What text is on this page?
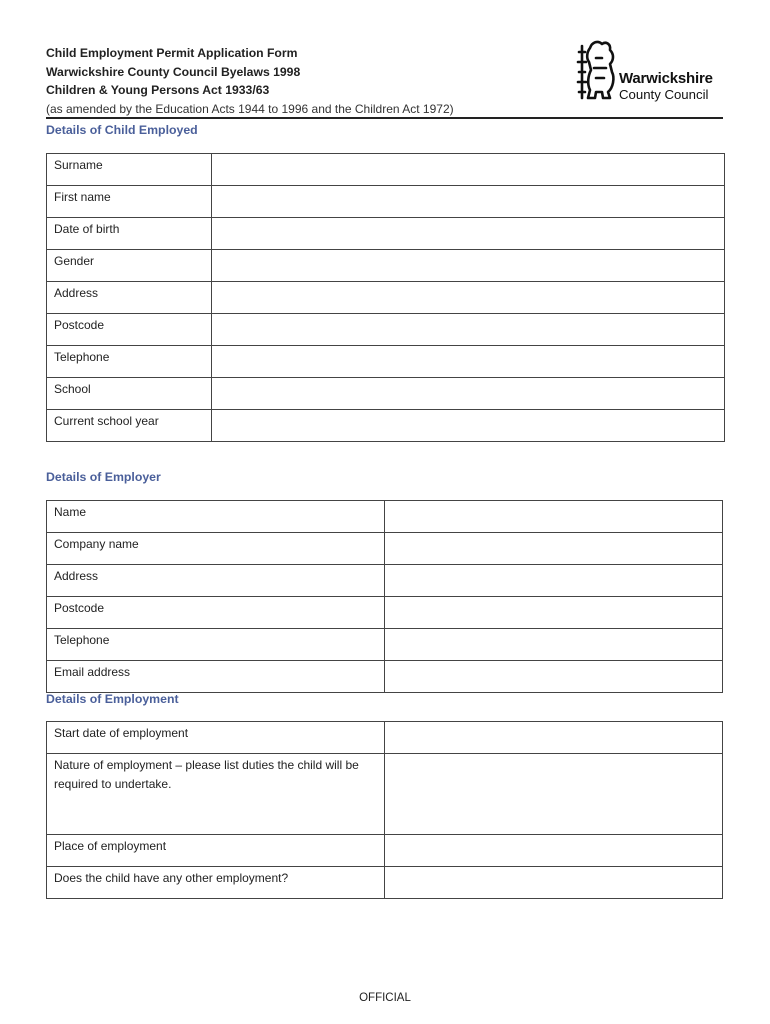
Child Employment Permit Application Form
Warwickshire County Council Byelaws 1998
Children & Young Persons Act 1933/63
(as amended by the Education Acts 1944 to 1996 and the Children Act 1972)
Warwickshire
County Council
Details of Child Employed
Surname	
First name	
Date of birth	
Gender	
Address	
Postcode	
Telephone	
School	
Current school year	
Details of Employer
Name	
Company name	
Address	
Postcode	
Telephone	
Email address	
Details of Employment
Start date of employment	
Nature of employment – please list duties the child will be required to undertake.	
Place of employment	
Does the child have any other employment?	
OFFICIAL
